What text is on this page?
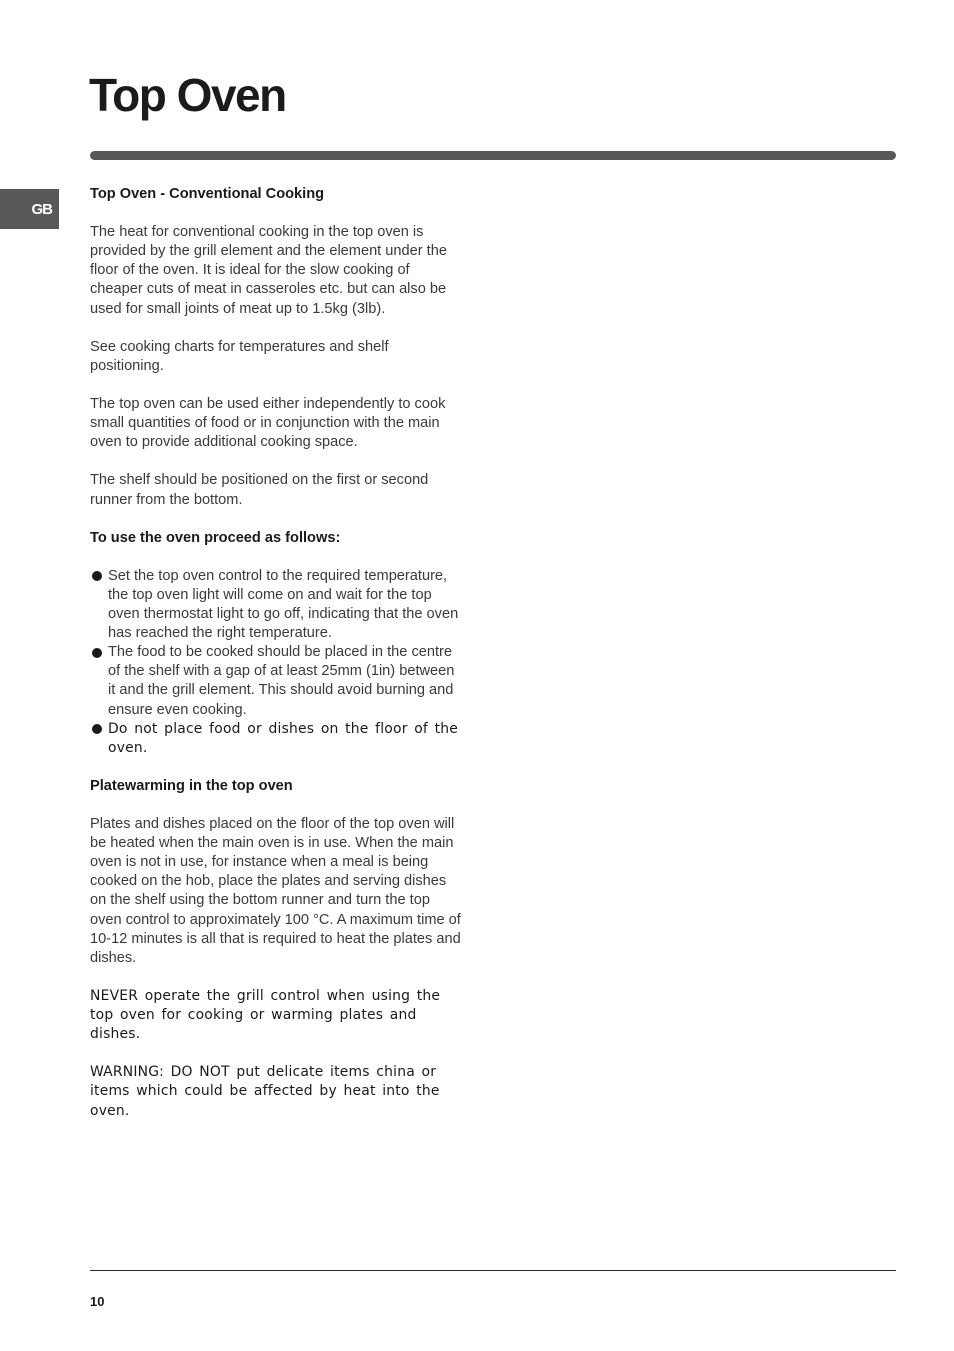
Top Oven
GB
Top Oven - Conventional Cooking

The heat for conventional cooking in the top oven is provided by the grill element and the element under the floor of the oven. It is ideal for the slow cooking of cheaper cuts of meat in casseroles etc. but can also be used for small joints of meat up to 1.5kg (3lb).

See cooking charts for temperatures and shelf positioning.

The top oven can be used either independently to cook small quantities of food or in conjunction with the main oven to provide additional cooking space.

The shelf should be positioned on the first or second runner from the bottom.

To use the oven proceed as follows:
Set the top oven control to the required temperature, the top oven light will come on and wait for the top oven thermostat light to go off, indicating that the oven has reached the right temperature.
The food to be cooked should be placed in the centre of the shelf with a gap of at least 25mm (1in) between it and the grill element. This should avoid burning and ensure even cooking.
Do not place food or dishes on the floor of the oven.
Platewarming in the top oven

Plates and dishes placed on the floor of the top oven will be heated when the main oven is in use. When the main oven is not in use, for instance when a meal is being cooked on the hob, place the plates and serving dishes on the shelf using the bottom runner and turn the top oven control to approximately 100 °C. A maximum time of 10-12 minutes is all that is required to heat the plates and dishes.

NEVER operate the grill control when using the top oven for cooking or warming plates and dishes.

WARNING: DO NOT put delicate items china or items which could be affected by heat into the oven.

10
